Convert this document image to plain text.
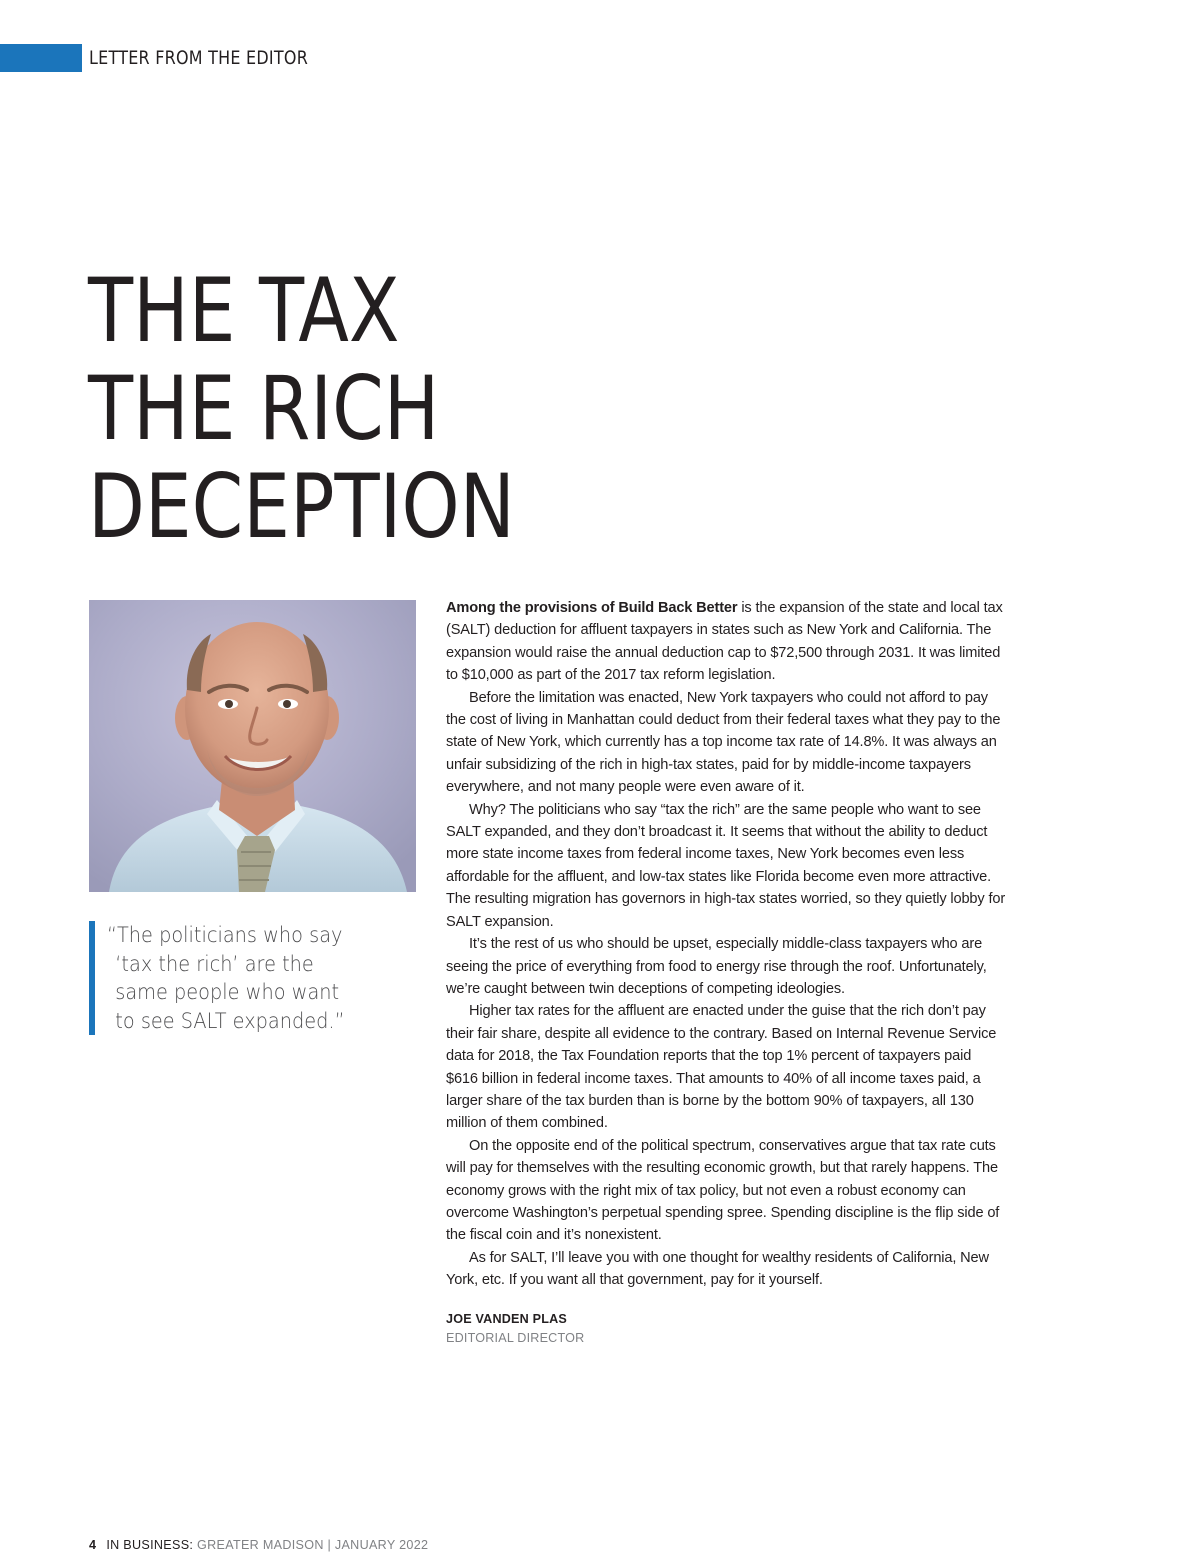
LETTER FROM THE EDITOR
THE TAX
THE RICH
DECEPTION
“The politicians who say
‘tax the rich’ are the
same people who want
to see SALT expanded.”

Among the provisions of Build Back Better is the expansion of the state and local tax (SALT) deduction for affluent taxpayers in states such as New York and California. The expansion would raise the annual deduction cap to $72,500 through 2031. It was limited to $10,000 as part of the 2017 tax reform legislation.

Before the limitation was enacted, New York taxpayers who could not afford to pay the cost of living in Manhattan could deduct from their federal taxes what they pay to the state of New York, which currently has a top income tax rate of 14.8%. It was always an unfair subsidizing of the rich in high-tax states, paid for by middle-income taxpayers everywhere, and not many people were even aware of it.

Why? The politicians who say “tax the rich” are the same people who want to see SALT expanded, and they don’t broadcast it. It seems that without the ability to deduct more state income taxes from federal income taxes, New York becomes even less affordable for the affluent, and low-tax states like Florida become even more attractive. The resulting migration has governors in high-tax states worried, so they quietly lobby for SALT expansion.

It’s the rest of us who should be upset, especially middle-class taxpayers who are seeing the price of everything from food to energy rise through the roof. Unfortunately, we’re caught between twin deceptions of competing ideologies.

Higher tax rates for the affluent are enacted under the guise that the rich don’t pay their fair share, despite all evidence to the contrary. Based on Internal Revenue Service data for 2018, the Tax Foundation reports that the top 1% percent of taxpayers paid $616 billion in federal income taxes. That amounts to 40% of all income taxes paid, a larger share of the tax burden than is borne by the bottom 90% of taxpayers, all 130 million of them combined.

On the opposite end of the political spectrum, conservatives argue that tax rate cuts will pay for themselves with the resulting economic growth, but that rarely happens. The economy grows with the right mix of tax policy, but not even a robust economy can overcome Washington’s perpetual spending spree. Spending discipline is the flip side of the fiscal coin and it’s nonexistent.

As for SALT, I’ll leave you with one thought for wealthy residents of California, New York, etc. If you want all that government, pay for it yourself.

JOE VANDEN PLAS
EDITORIAL DIRECTOR
4 IN BUSINESS: GREATER MADISON | JANUARY 2022
